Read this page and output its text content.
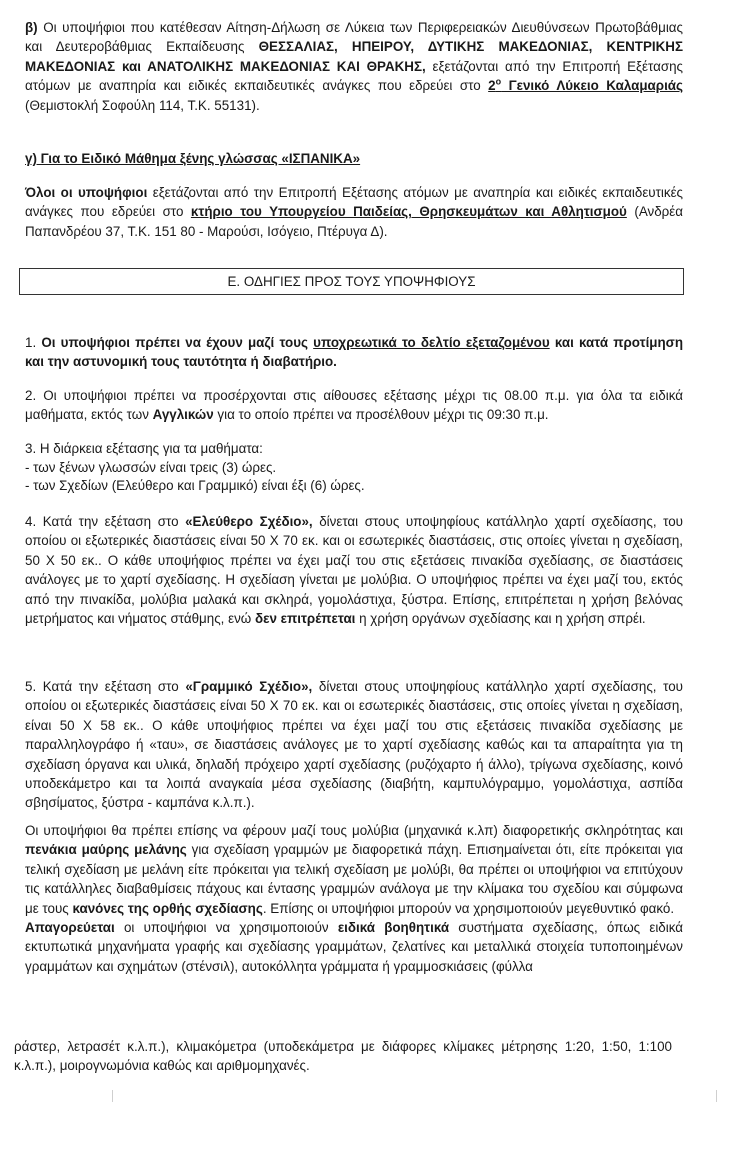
β) Οι υποψήφιοι που κατέθεσαν Αίτηση-Δήλωση σε Λύκεια των Περιφερειακών Διευθύνσεων Πρωτοβάθμιας και Δευτεροβάθμιας Εκπαίδευσης ΘΕΣΣΑΛΙΑΣ, ΗΠΕΙΡΟΥ, ΔΥΤΙΚΗΣ ΜΑΚΕΔΟΝΙΑΣ, ΚΕΝΤΡΙΚΗΣ ΜΑΚΕΔΟΝΙΑΣ και ΑΝΑΤΟΛΙΚΗΣ ΜΑΚΕΔΟΝΙΑΣ ΚΑΙ ΘΡΑΚΗΣ, εξετάζονται από την Επιτροπή Εξέτασης ατόμων με αναπηρία και ειδικές εκπαιδευτικές ανάγκες που εδρεύει στο $2^o$ Γενικό Λύκειο Καλαμαριάς (Θεμιστοκλή Σοφούλη 114, Τ.Κ. 55131).

γ) Για το Ειδικό Μάθημα ξένης γλώσσας «ΙΣΠΑΝΙΚΑ»

Όλοι οι υποψήφιοι εξετάζονται από την Επιτροπή Εξέτασης ατόμων με αναπηρία και ειδικές εκπαιδευτικές ανάγκες που εδρεύει στο κτήριο του Υπουργείου Παιδείας, Θρησκευμάτων και Αθλητισμού (Ανδρέα Παπανδρέου 37, Τ.Κ. 151 80 - Μαρούσι, Ισόγειο, Πτέρυγα Δ).

Ε. ΟΔΗΓΙΕΣ ΠΡΟΣ ΤΟΥΣ ΥΠΟΨΗΦΙΟΥΣ

1. Οι υποψήφιοι πρέπει να έχουν μαζί τους υποχρεωτικά το δελτίο εξεταζομένου και κατά προτίμηση και την αστυνομική τους ταυτότητα ή διαβατήριο.

2. Οι υποψήφιοι πρέπει να προσέρχονται στις αίθουσες εξέτασης μέχρι τις 08.00 π.μ. για όλα τα ειδικά μαθήματα, εκτός των Αγγλικών για το οποίο πρέπει να προσέλθουν μέχρι τις 09:30 π.μ.

3. Η διάρκεια εξέτασης για τα μαθήματα:
- των ξένων γλωσσών είναι τρεις (3) ώρες.
- των Σχεδίων (Ελεύθερο και Γραμμικό) είναι έξι (6) ώρες.

4. Κατά την εξέταση στο «Ελεύθερο Σχέδιο», δίνεται στους υποψηφίους κατάλληλο χαρτί σχεδίασης, του οποίου οι εξωτερικές διαστάσεις είναι 50 Χ 70 εκ. και οι εσωτερικές διαστάσεις, στις οποίες γίνεται η σχεδίαση, 50 Χ 50 εκ.. Ο κάθε υποψήφιος πρέπει να έχει μαζί του στις εξετάσεις πινακίδα σχεδίασης, σε διαστάσεις ανάλογες με το χαρτί σχεδίασης. Η σχεδίαση γίνεται με μολύβια. Ο υποψήφιος πρέπει να έχει μαζί του, εκτός από την πινακίδα, μολύβια μαλακά και σκληρά, γομολάστιχα, ξύστρα. Επίσης, επιτρέπεται η χρήση βελόνας μετρήματος και νήματος στάθμης, ενώ δεν επιτρέπεται η χρήση οργάνων σχεδίασης και η χρήση σπρέι.

5. Κατά την εξέταση στο «Γραμμικό Σχέδιο», δίνεται στους υποψηφίους κατάλληλο χαρτί σχεδίασης, του οποίου οι εξωτερικές διαστάσεις είναι 50 Χ 70 εκ. και οι εσωτερικές διαστάσεις, στις οποίες γίνεται η σχεδίαση, είναι 50 Χ 58 εκ.. Ο κάθε υποψήφιος πρέπει να έχει μαζί του στις εξετάσεις πινακίδα σχεδίασης με παραλληλογράφο ή «ταυ», σε διαστάσεις ανάλογες με το χαρτί σχεδίασης καθώς και τα απαραίτητα για τη σχεδίαση όργανα και υλικά, δηλαδή πρόχειρο χαρτί σχεδίασης (ρυζόχαρτο ή άλλο), τρίγωνα σχεδίασης, κοινό υποδεκάμετρο και τα λοιπά αναγκαία μέσα σχεδίασης (διαβήτη, καμπυλόγραμμο, γομολάστιχα, ασπίδα σβησίματος, ξύστρα - καμπάνα κ.λ.π.).

Οι υποψήφιοι θα πρέπει επίσης να φέρουν μαζί τους μολύβια (μηχανικά κ.λπ) διαφορετικής σκληρότητας και πενάκια μαύρης μελάνης για σχεδίαση γραμμών με διαφορετικά πάχη. Επισημαίνεται ότι, είτε πρόκειται για τελική σχεδίαση με μελάνη είτε πρόκειται για τελική σχεδίαση με μολύβι, θα πρέπει οι υποψήφιοι να επιτύχουν τις κατάλληλες διαβαθμίσεις πάχους και έντασης γραμμών ανάλογα με την κλίμακα του σχεδίου και σύμφωνα με τους κανόνες της ορθής σχεδίασης. Επίσης οι υποψήφιοι μπορούν να χρησιμοποιούν μεγεθυντικό φακό.

Απαγορεύεται οι υποψήφιοι να χρησιμοποιούν ειδικά βοηθητικά συστήματα σχεδίασης, όπως ειδικά εκτυπωτικά μηχανήματα γραφής και σχεδίασης γραμμάτων, ζελατίνες και μεταλλικά στοιχεία τυποποιημένων γραμμάτων και σχημάτων (στένσιλ), αυτοκόλλητα γράμματα ή γραμμοσκιάσεις (φύλλα

ράστερ, λετρασέτ κ.λ.π.), κλιμακόμετρα (υποδεκάμετρα με διάφορες κλίμακες μέτρησης 1:20, 1:50, 1:100 κ.λ.π.), μοιρογνωμόνια καθώς και αριθμομηχανές.
